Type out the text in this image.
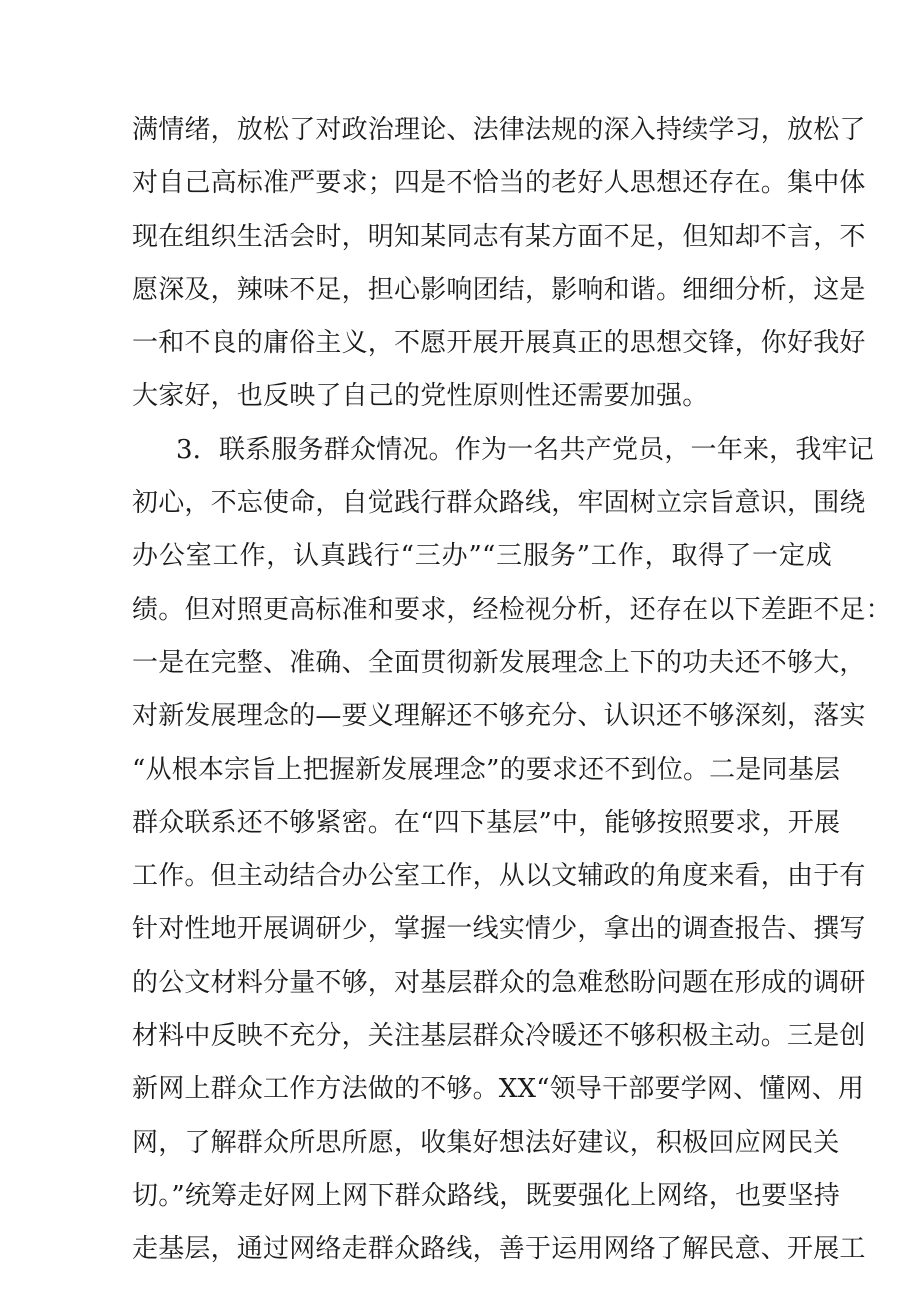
满情绪，放松了对政治理论、法律法规的深入持续学习，放松了
对自己高标准严要求；四是不恰当的老好人思想还存在。集中体
现在组织生活会时，明知某同志有某方面不足，但知却不言，不
愿深及，辣味不足，担心影响团结，影响和谐。细细分析，这是
一和不良的庸俗主义，不愿开展开展真正的思想交锋，你好我好
大家好，也反映了自己的党性原则性还需要加强。
3．联系服务群众情况。作为一名共产党员，一年来，我牢记
初心，不忘使命，自觉践行群众路线，牢固树立宗旨意识，围绕
办公室工作，认真践行“三办”“三服务”工作，取得了一定成
绩。但对照更高标准和要求，经检视分析，还存在以下差距不足：
一是在完整、准确、全面贯彻新发展理念上下的功夫还不够大，
对新发展理念的—要义理解还不够充分、认识还不够深刻，落实
“从根本宗旨上把握新发展理念”的要求还不到位。二是同基层
群众联系还不够紧密。在“四下基层”中，能够按照要求，开展
工作。但主动结合办公室工作，从以文辅政的角度来看，由于有
针对性地开展调研少，掌握一线实情少，拿出的调查报告、撰写
的公文材料分量不够，对基层群众的急难愁盼问题在形成的调研
材料中反映不充分，关注基层群众冷暖还不够积极主动。三是创
新网上群众工作方法做的不够。XX“领导干部要学网、懂网、用
网，了解群众所思所愿，收集好想法好建议，积极回应网民关
切。”统筹走好网上网下群众路线，既要强化上网络，也要坚持
走基层，通过网络走群众路线，善于运用网络了解民意、开展工
